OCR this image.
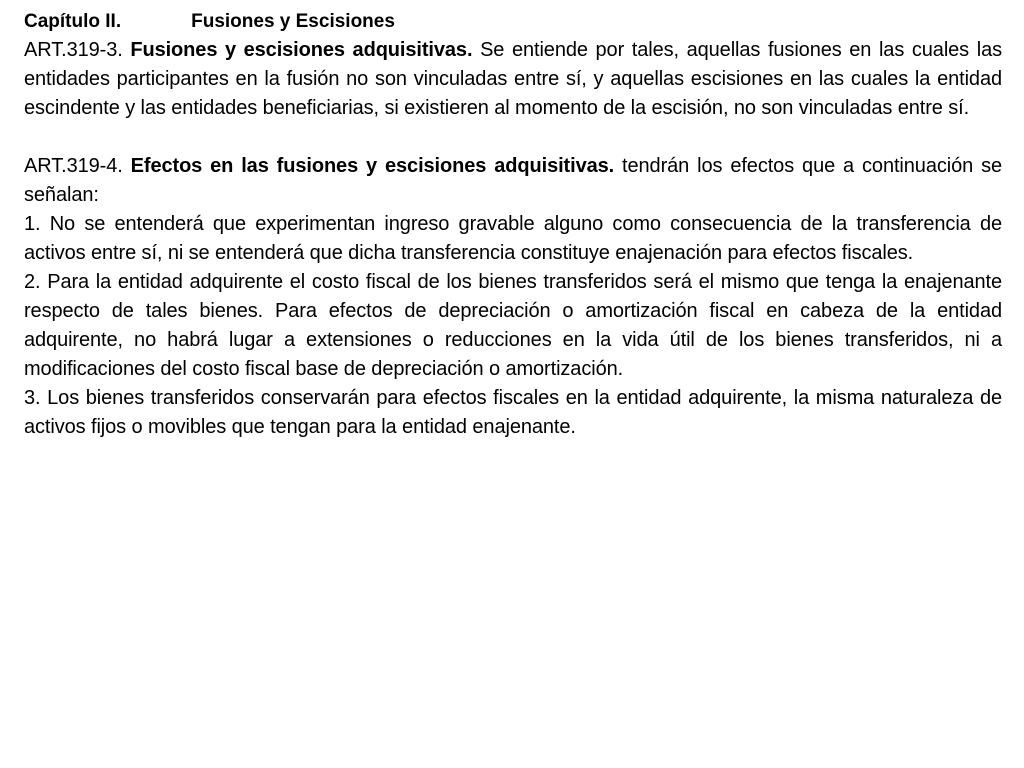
Capítulo II.	Fusiones y Escisiones

ART.319-3. Fusiones y escisiones adquisitivas. Se entiende por tales, aquellas fusiones en las cuales las entidades participantes en la fusión no son vinculadas entre sí, y aquellas escisiones en las cuales la entidad escindente y las entidades beneficiarias, si existieren al momento de la escisión, no son vinculadas entre sí.

ART.319-4. Efectos en las fusiones y escisiones adquisitivas. tendrán los efectos que a continuación se señalan:

1. No se entenderá que experimentan ingreso gravable alguno como consecuencia de la transferencia de activos entre sí, ni se entenderá que dicha transferencia constituye enajenación para efectos fiscales.

2. Para la entidad adquirente el costo fiscal de los bienes transferidos será el mismo que tenga la enajenante respecto de tales bienes. Para efectos de depreciación o amortización fiscal en cabeza de la entidad adquirente, no habrá lugar a extensiones o reducciones en la vida útil de los bienes transferidos, ni a modificaciones del costo fiscal base de depreciación o amortización.

3. Los bienes transferidos conservarán para efectos fiscales en la entidad adquirente, la misma naturaleza de activos fijos o movibles que tengan para la entidad enajenante.
